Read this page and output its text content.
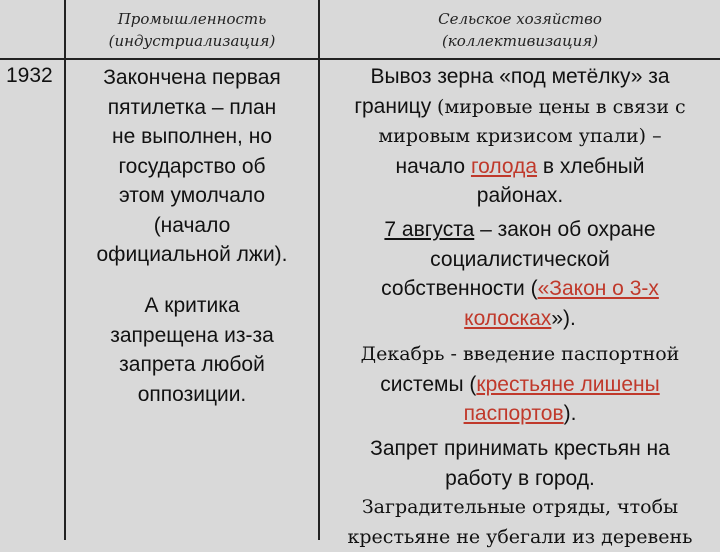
Промышленность
(индустриализация)
Сельское хозяйство
(коллективизация)
1932	Закончена первая

пятилетка – план

не выполнен, но

государство об

этом умолчало

(начало

официальной лжи).

А критика

запрещена из-за

запрета любой

оппозиции.

Вывоз зерна «под метёлку» за

границу (мировые цены в связи с

мировым кризисом упали) –

начало голода в хлебный

районах.

7 августа – закон об охране

социалистической

собственности («Закон о 3-х

колосках»).

Декабрь - введение паспортной

системы (крестьяне лишены

паспортов).

Запрет принимать крестьян на

работу в город.

Заградительные отряды, чтобы

крестьяне не убегали из деревень
